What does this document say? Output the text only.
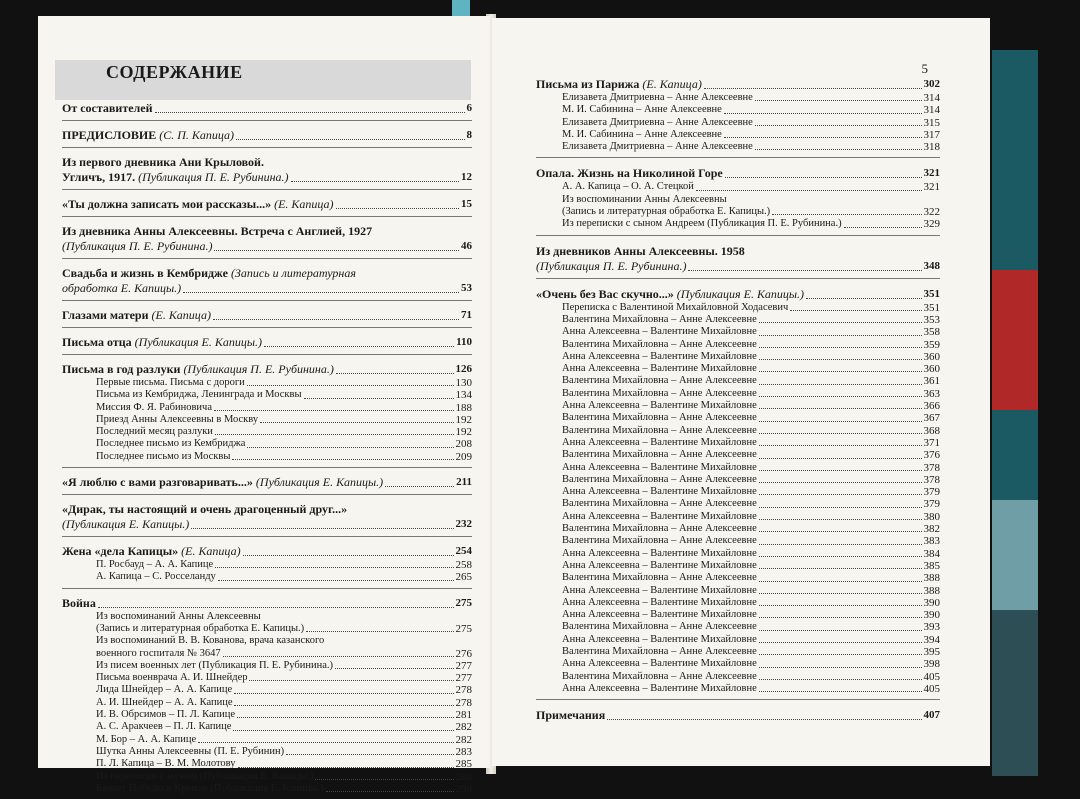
СОДЕРЖАНИЕ
От составителей	6
ПРЕДИСЛОВИЕ (С. П. Капица)	8
Из первого дневника Ани Крыловой.
Угличъ, 1917. (Публикация П. Е. Рубинина.)	12
«Ты должна записать мои рассказы...» (Е. Капица)	15
Из дневника Анны Алексеевны. Встреча с Англией, 1927
(Публикация П. Е. Рубинина.)	46
Свадьба и жизнь в Кембридже (Запись и литературная
обработка Е. Капицы.)	53
Глазами матери (Е. Капица)	71
Письма отца (Публикация Е. Капицы.)	110
Письма в год разлуки (Публикация П. Е. Рубинина.)	126
Первые письма. Письма с дороги	130
Письма из Кембриджа, Ленинграда и Москвы	134
Миссия Ф. Я. Рабиновича	188
Приезд Анны Алексеевны в Москву	192
Последний месяц разлуки	192
Последнее письмо из Кембриджа	208
Последнее письмо из Москвы	209
«Я люблю с вами разговаривать...» (Публикация Е. Капицы.)	211
«Дирак, ты настоящий и очень драгоценный друг...»
(Публикация Е. Капицы.)	232
Жена «дела Капицы» (Е. Капица)	254
П. Росбауд – А. А. Капице	258
А. Капица – С. Росселанду	265
Война	275
Из воспоминаний Анны Алексеевны
(Запись и литературная обработка Е. Капицы.)	275
Из воспоминаний В. В. Кованова, врача казанского
военного госпиталя № 3647	276
Из писем военных лет (Публикация П. Е. Рубинина.)	277
Письма военврача А. И. Шнейдер	277
Лида Шнейдер – А. А. Капице	278
А. И. Шнейдер – А. А. Капице	278
И. В. Обрсимов – П. Л. Капице	281
А. С. Аракчеев – П. Л. Капице	282
М. Бор – А. А. Капице	282
Шутка Анны Алексеевны (П. Е. Рубинин)	283
П. Л. Капица – В. М. Молотову	285
Из переписки с мужем (Публикация Е. Капицы.)	288
Банкет Победы в Кремле (Публикация Е. Капицы.)	299
5
Письма из Парижа (Е. Капица)	302
Елизавета Дмитриевна – Анне Алексеевне	314
М. И. Сабинина – Анне Алексеевне	314
Елизавета Дмитриевна – Анне Алексеевне	315
М. И. Сабинина – Анне Алексеевне	317
Елизавета Дмитриевна – Анне Алексеевне	318
Опала. Жизнь на Николиной Горе	321
А. А. Капица – О. А. Стецкой	321
Из воспоминании Анны Алексеевны
(Запись и литературная обработка Е. Капицы.)	322
Из переписки с сыном Андреем (Публикация П. Е. Рубинина.)	329
Из дневников Анны Алексеевны. 1958
(Публикация П. Е. Рубинина.)	348
«Очень без Вас скучно...» (Публикация Е. Капицы.)	351
Переписка с Валентиной Михайловной Ходасевич	351
Валентина Михайловна – Анне Алексеевне	353
Анна Алексеевна – Валентине Михайловне	358
Валентина Михайловна – Анне Алексеевне	359
Анна Алексеевна – Валентине Михайловне	360
Анна Алексеевна – Валентине Михайловне	360
Валентина Михайловна – Анне Алексеевне	361
Валентина Михайловна – Анне Алексеевне	363
Анна Алексеевна – Валентине Михайловне	366
Валентина Михайловна – Анне Алексеевне	367
Валентина Михайловна – Анне Алексеевне	368
Анна Алексеевна – Валентине Михайловне	371
Валентина Михайловна – Анне Алексеевне	376
Анна Алексеевна – Валентине Михайловне	378
Валентина Михайловна – Анне Алексеевне	378
Анна Алексеевна – Валентине Михайловне	379
Валентина Михайловна – Анне Алексеевне	379
Анна Алексеевна – Валентине Михайловне	380
Валентина Михайловна – Анне Алексеевне	382
Валентина Михайловна – Анне Алексеевне	383
Анна Алексеевна – Валентине Михайловне	384
Анна Алексеевна – Валентине Михайловне	385
Валентина Михайловна – Анне Алексеевне	388
Анна Алексеевна – Валентине Михайловне	388
Анна Алексеевна – Валентине Михайловне	390
Анна Алексеевна – Валентине Михайловне	390
Валентина Михайловна – Анне Алексеевне	393
Анна Алексеевна – Валентине Михайловне	394
Валентина Михайловна – Анне Алексеевне	395
Анна Алексеевна – Валентине Михайловне	398
Валентина Михайловна – Анне Алексеевне	405
Анна Алексеевна – Валентине Михайловне	405
Примечания	407
